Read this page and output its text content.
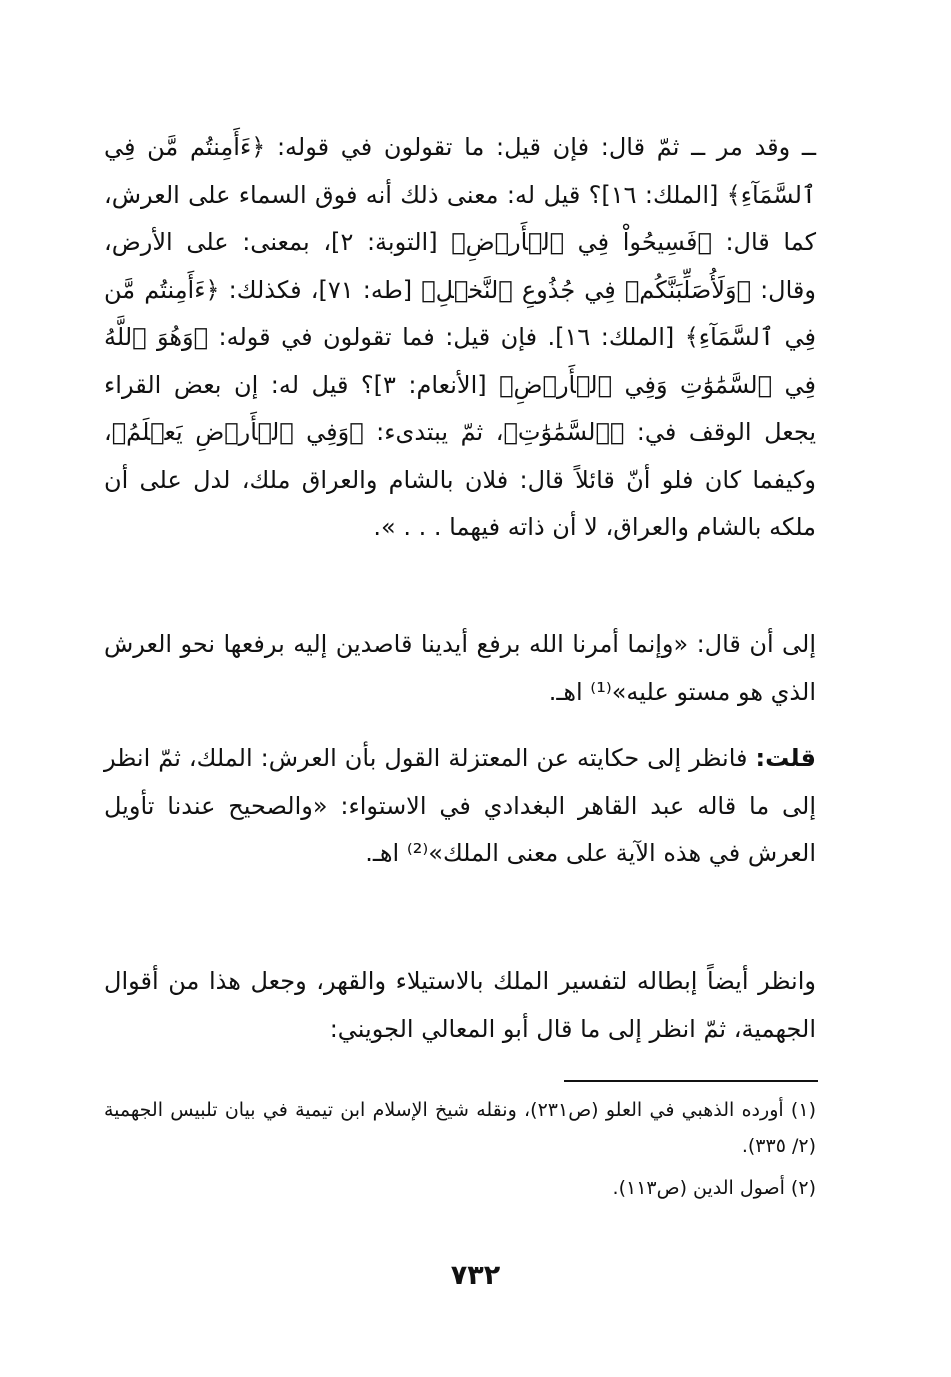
ــ وقد مر ــ ثمّ قال: فإن قيل: ما تقولون في قوله: ﴿ءَأَمِنتُم مَّن فِي ٱلسَّمَآءِ﴾ [الملك: ١٦]؟ قيل له: معنى ذلك أنه فوق السماء على العرش، كما قال: ﴿فَسِيحُواْ فِي ٱلۡأَرۡضِ﴾ [التوبة: ٢]، بمعنى: على الأرض، وقال: ﴿وَلَأُصَلِّبَنَّكُمۡ فِي جُذُوعِ ٱلنَّخۡلِ﴾ [طه: ٧١]، فكذلك: ﴿ءَأَمِنتُم مَّن فِي ٱلسَّمَآءِ﴾ [الملك: ١٦]. فإن قيل: فما تقولون في قوله: ﴿وَهُوَ ٱللَّهُ فِي ٱلسَّمَٰوَٰتِ وَفِي ٱلۡأَرۡضِ﴾ [الأنعام: ٣]؟ قيل له: إن بعض القراء يجعل الوقف في: ﴿ٱلسَّمَٰوَٰتِ﴾، ثمّ يبتدىء: ﴿وَفِي ٱلۡأَرۡضِ يَعۡلَمُ﴾، وكيفما كان فلو أنّ قائلاً قال: فلان بالشام والعراق ملك، لدل على أن ملكه بالشام والعراق، لا أن ذاته فيهما . . . ».
إلى أن قال: «وإنما أمرنا الله برفع أيدينا قاصدين إليه برفعها نحو العرش الذي هو مستو عليه»⁽¹⁾ اهـ.
قلت: فانظر إلى حكايته عن المعتزلة القول بأن العرش: الملك، ثمّ انظر إلى ما قاله عبد القاهر البغدادي في الاستواء: «والصحيح عندنا تأويل العرش في هذه الآية على معنى الملك»⁽²⁾ اهـ.
وانظر أيضاً إبطاله لتفسير الملك بالاستيلاء والقهر، وجعل هذا من أقوال الجهمية، ثمّ انظر إلى ما قال أبو المعالي الجويني:
(١) أورده الذهبي في العلو (ص٢٣١)، ونقله شيخ الإسلام ابن تيمية في بيان تلبيس الجهمية (٢/ ٣٣٥).
(٢) أصول الدين (ص١١٣).
٧٣٢
